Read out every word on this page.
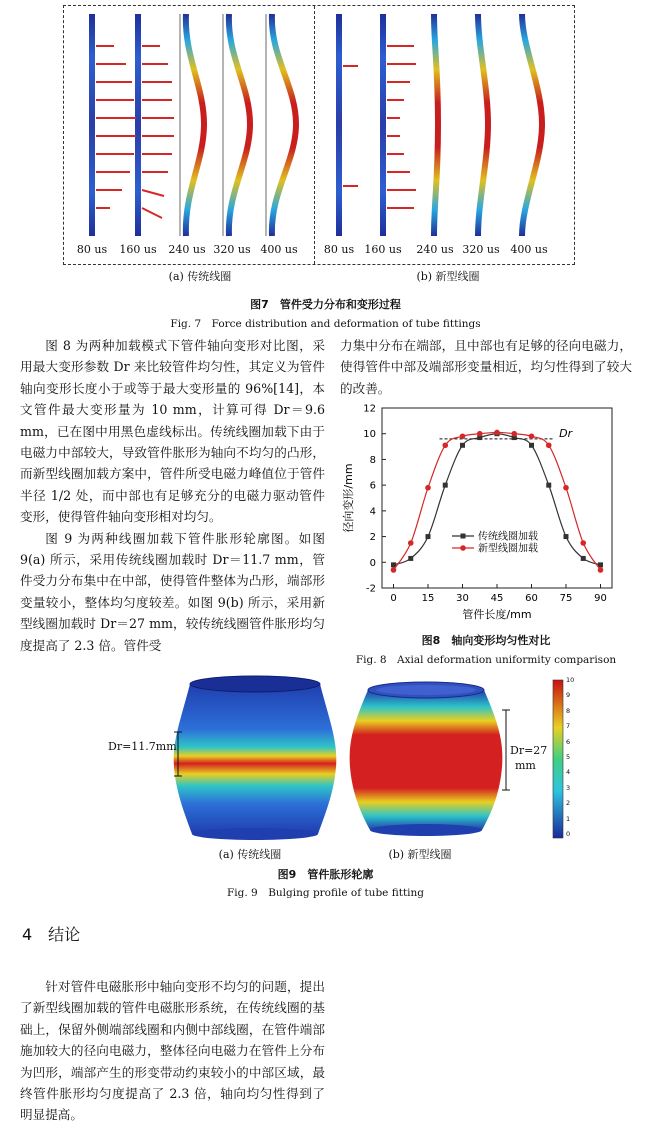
80 us	160 us	240 us 320 us 400 us	80 us 160 us	240 us 320 us 400 us
(a) 传统线圈	(b) 新型线圈
图7　管件受力分布和变形过程
Fig. 7　Force distribution and deformation of tube fittings

图 8 为两种加载模式下管件轴向变形对比图，采用最大变形参数 Dr 来比较管件均匀性，其定义为管件轴向变形长度小于或等于最大变形量的 96%[14]，本文管件最大变形量为 10 mm，计算可得 Dr＝9.6 mm，已在图中用黑色虚线标出。传统线圈加载下由于电磁力中部较大，导致管件胀形为轴向不均匀的凸形，而新型线圈加载方案中，管件所受电磁力峰值位于管件半径 1/2 处，而中部也有足够充分的电磁力驱动管件变形，使得管件轴向变形相对均匀。

图 9 为两种线圈加载下管件胀形轮廓图。如图 9(a) 所示，采用传统线圈加载时 Dr＝11.7 mm，管件受力分布集中在中部，使得管件整体为凸形，端部形变量较小，整体均匀度较差。如图 9(b) 所示，采用新型线圈加载时 Dr＝27 mm，较传统线圈管件胀形均匀度提高了 2.3 倍。管件受

力集中分布在端部，且中部也有足够的径向电磁力，使得管件中部及端部形变量相近，均匀性得到了较大的改善。

0 15 30 45 60 75 90
-2
0
2
4
6
8
10
12
传统线圈加载
新型线圈加载
管件长度/mm
径向变形/mm
Dr
图8　轴向变形均匀性对比
Fig. 8　Axial deformation uniformity comparison
Dr=11.7mm	Dr=27
mm
10
9
8
7
6
5
4
3
2
1
0
(a) 传统线圈	(b) 新型线圈
图9　管件胀形轮廓
Fig. 9　Bulging profile of tube fitting
4　结论

针对管件电磁胀形中轴向变形不均匀的问题，提出了新型线圈加载的管件电磁胀形系统，在传统线圈的基础上，保留外侧端部线圈和内侧中部线圈，在管件端部施加较大的径向电磁力，整体径向电磁力在管件上分布为凹形，端部产生的形变带动约束较小的中部区域，最终管件胀形均匀度提高了 2.3 倍，轴向均匀性得到了明显提高。
